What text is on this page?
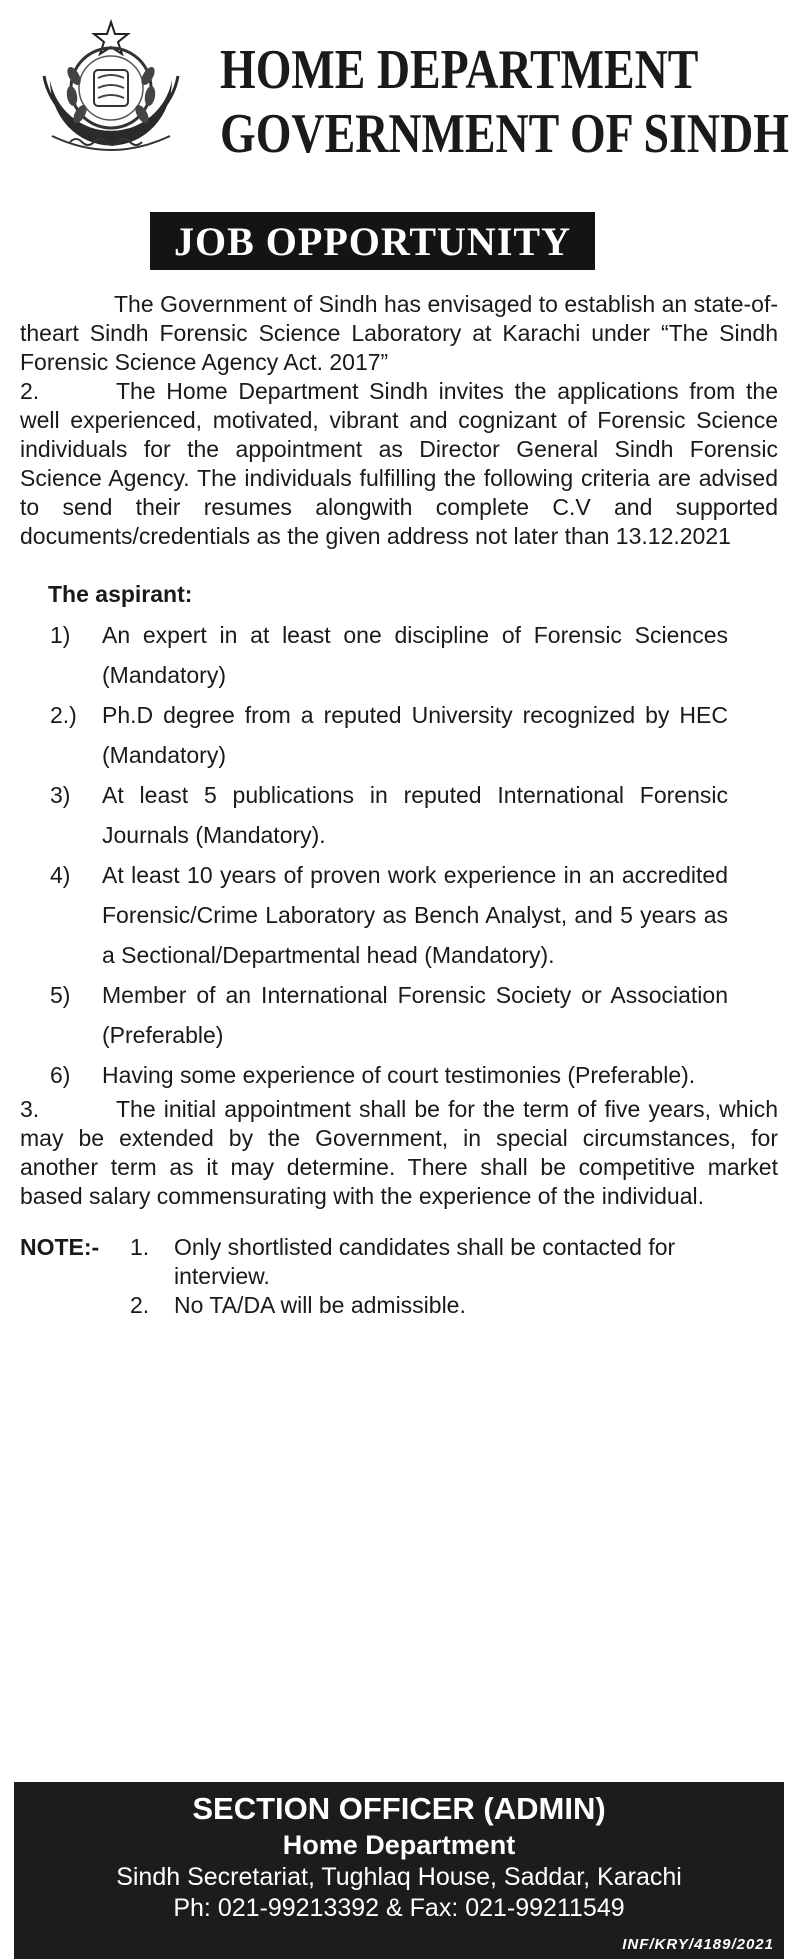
HOME DEPARTMENT
GOVERNMENT OF SINDH
JOB OPPORTUNITY

The Government of Sindh has envisaged to establish an state-of-theart Sindh Forensic Science Laboratory at Karachi under “The Sindh Forensic Science Agency Act. 2017”

2.	The Home Department Sindh invites the applications from the well experienced, motivated, vibrant and cognizant of Forensic Science individuals for the appointment as Director General Sindh Forensic Science Agency. The individuals fulfilling the following criteria are advised to send their resumes alongwith complete C.V and supported documents/credentials as the given address not later than 13.12.2021

The aspirant:
1)	An expert in at least one discipline of Forensic Sciences (Mandatory)
2.)	Ph.D degree from a reputed University recognized by HEC (Mandatory)
3)	At least 5 publications in reputed International Forensic Journals (Mandatory).
4)	At least 10 years of proven work experience in an accredited Forensic/Crime Laboratory as Bench Analyst, and 5 years as a Sectional/Departmental head (Mandatory).
5)	Member of an International Forensic Society or Association (Preferable)
6)	Having some experience of court testimonies (Preferable).

3.	The initial appointment shall be for the term of five years, which may be extended by the Government, in special circumstances, for another term as it may determine. There shall be competitive market based salary commensurating with the experience of the individual.

NOTE:-	1.	Only shortlisted candidates shall be contacted for interview.
2.	No TA/DA will be admissible.
SECTION OFFICER (ADMIN)
Home Department
Sindh Secretariat, Tughlaq House, Saddar, Karachi
Ph: 021-99213392 & Fax: 021-99211549
INF/KRY/4189/2021
